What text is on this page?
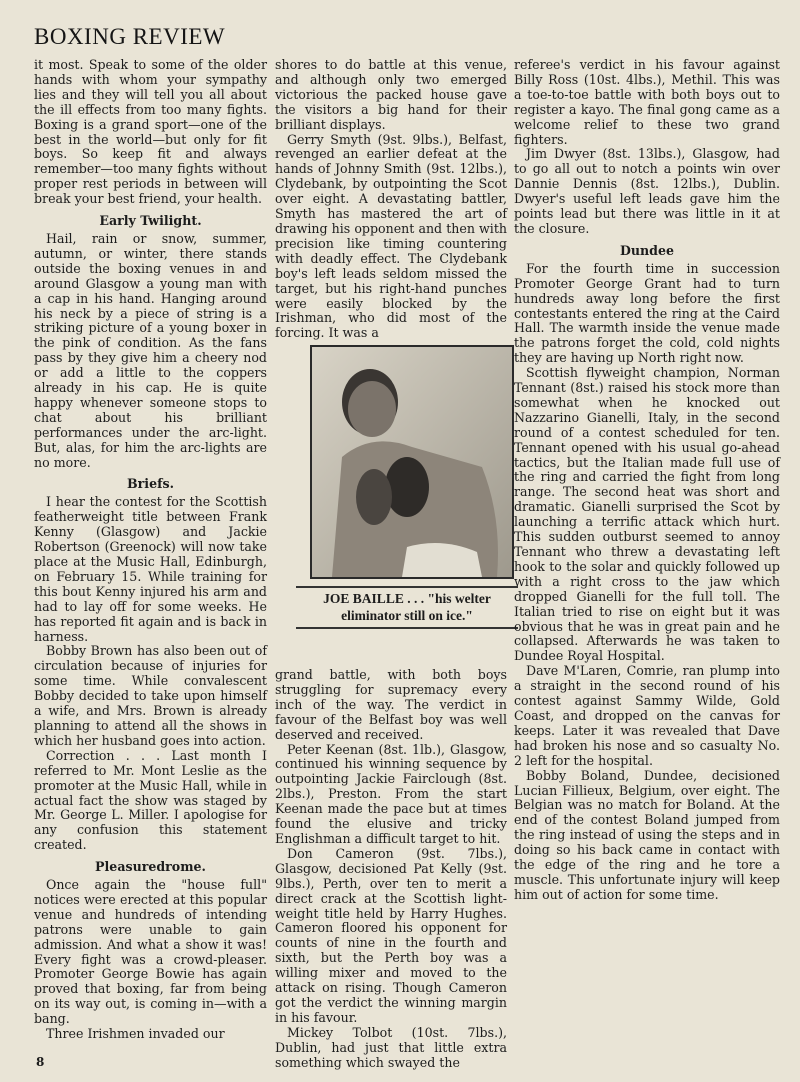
BOXING REVIEW

it most. Speak to some of the older hands with whom your sympathy lies and they will tell you all about the ill effects from too many fights. Boxing is a grand sport—one of the best in the world—but only for fit boys. So keep fit and always remember—too many fights without proper rest periods in between will break your best friend, your health.

Early Twilight.

Hail, rain or snow, summer, autumn, or winter, there stands outside the boxing venues in and around Glasgow a young man with a cap in his hand. Hanging around his neck by a piece of string is a striking picture of a young boxer in the pink of condition. As the fans pass by they give him a cheery nod or add a little to the coppers already in his cap. He is quite happy whenever someone stops to chat about his brilliant performances under the arc-light. But, alas, for him the arc-lights are no more.

Briefs.

I hear the contest for the Scottish featherweight title between Frank Kenny (Glasgow) and Jackie Robertson (Greenock) will now take place at the Music Hall, Edinburgh, on February 15. While training for this bout Kenny injured his arm and had to lay off for some weeks. He has reported fit again and is back in harness.

Bobby Brown has also been out of circulation because of injuries for some time. While convalescent Bobby decided to take upon himself a wife, and Mrs. Brown is already planning to attend all the shows in which her husband goes into action.

Correction . . . Last month I referred to Mr. Mont Leslie as the promoter at the Music Hall, while in actual fact the show was staged by Mr. George L. Miller. I apologise for any confusion this statement created.

Pleasuredrome.

Once again the "house full" notices were erected at this popular venue and hundreds of intending patrons were unable to gain admission. And what a show it was! Every fight was a crowd-pleaser. Promoter George Bowie has again proved that boxing, far from being on its way out, is coming in—with a bang.

Three Irishmen invaded our

shores to do battle at this venue, and although only two emerged victorious the packed house gave the visitors a big hand for their brilliant displays.

Gerry Smyth (9st. 9lbs.), Belfast, revenged an earlier defeat at the hands of Johnny Smith (9st. 12lbs.), Clydebank, by outpointing the Scot over eight. A devastating battler, Smyth has mastered the art of drawing his opponent and then with precision like timing countering with deadly effect. The Clydebank boy's left leads seldom missed the target, but his right-hand punches were easily blocked by the Irishman, who did most of the forcing. It was a

JOE BAILLE . . . "his welter eliminator still on ice."

grand battle, with both boys struggling for supremacy every inch of the way. The verdict in favour of the Belfast boy was well deserved and received.

Peter Keenan (8st. 1lb.), Glasgow, continued his winning sequence by outpointing Jackie Fairclough (8st. 2lbs.), Preston. From the start Keenan made the pace but at times found the elusive and tricky Englishman a difficult target to hit.

Don Cameron (9st. 7lbs.), Glasgow, decisioned Pat Kelly (9st. 9lbs.), Perth, over ten to merit a direct crack at the Scottish light-weight title held by Harry Hughes. Cameron floored his opponent for counts of nine in the fourth and sixth, but the Perth boy was a willing mixer and moved to the attack on rising. Though Cameron got the verdict the winning margin in his favour.

Mickey Tolbot (10st. 7lbs.), Dublin, had just that little extra something which swayed the

referee's verdict in his favour against Billy Ross (10st. 4lbs.), Methil. This was a toe-to-toe battle with both boys out to register a kayo. The final gong came as a welcome relief to these two grand fighters.

Jim Dwyer (8st. 13lbs.), Glasgow, had to go all out to notch a points win over Dannie Dennis (8st. 12lbs.), Dublin. Dwyer's useful left leads gave him the points lead but there was little in it at the closure.

Dundee

For the fourth time in succession Promoter George Grant had to turn hundreds away long before the first contestants entered the ring at the Caird Hall. The warmth inside the venue made the patrons forget the cold, cold nights they are having up North right now.

Scottish flyweight champion, Norman Tennant (8st.) raised his stock more than somewhat when he knocked out Nazzarino Gianelli, Italy, in the second round of a contest scheduled for ten. Tennant opened with his usual go-ahead tactics, but the Italian made full use of the ring and carried the fight from long range. The second heat was short and dramatic. Gianelli surprised the Scot by launching a terrific attack which hurt. This sudden outburst seemed to annoy Tennant who threw a devastating left hook to the solar and quickly followed up with a right cross to the jaw which dropped Gianelli for the full toll. The Italian tried to rise on eight but it was obvious that he was in great pain and he collapsed. Afterwards he was taken to Dundee Royal Hospital.

Dave M'Laren, Comrie, ran plump into a straight in the second round of his contest against Sammy Wilde, Gold Coast, and dropped on the canvas for keeps. Later it was revealed that Dave had broken his nose and so casualty No. 2 left for the hospital.

Bobby Boland, Dundee, decisioned Lucian Fillieux, Belgium, over eight. The Belgian was no match for Boland. At the end of the contest Boland jumped from the ring instead of using the steps and in doing so his back came in contact with the edge of the ring and he tore a muscle. This unfortunate injury will keep him out of action for some time.

8
